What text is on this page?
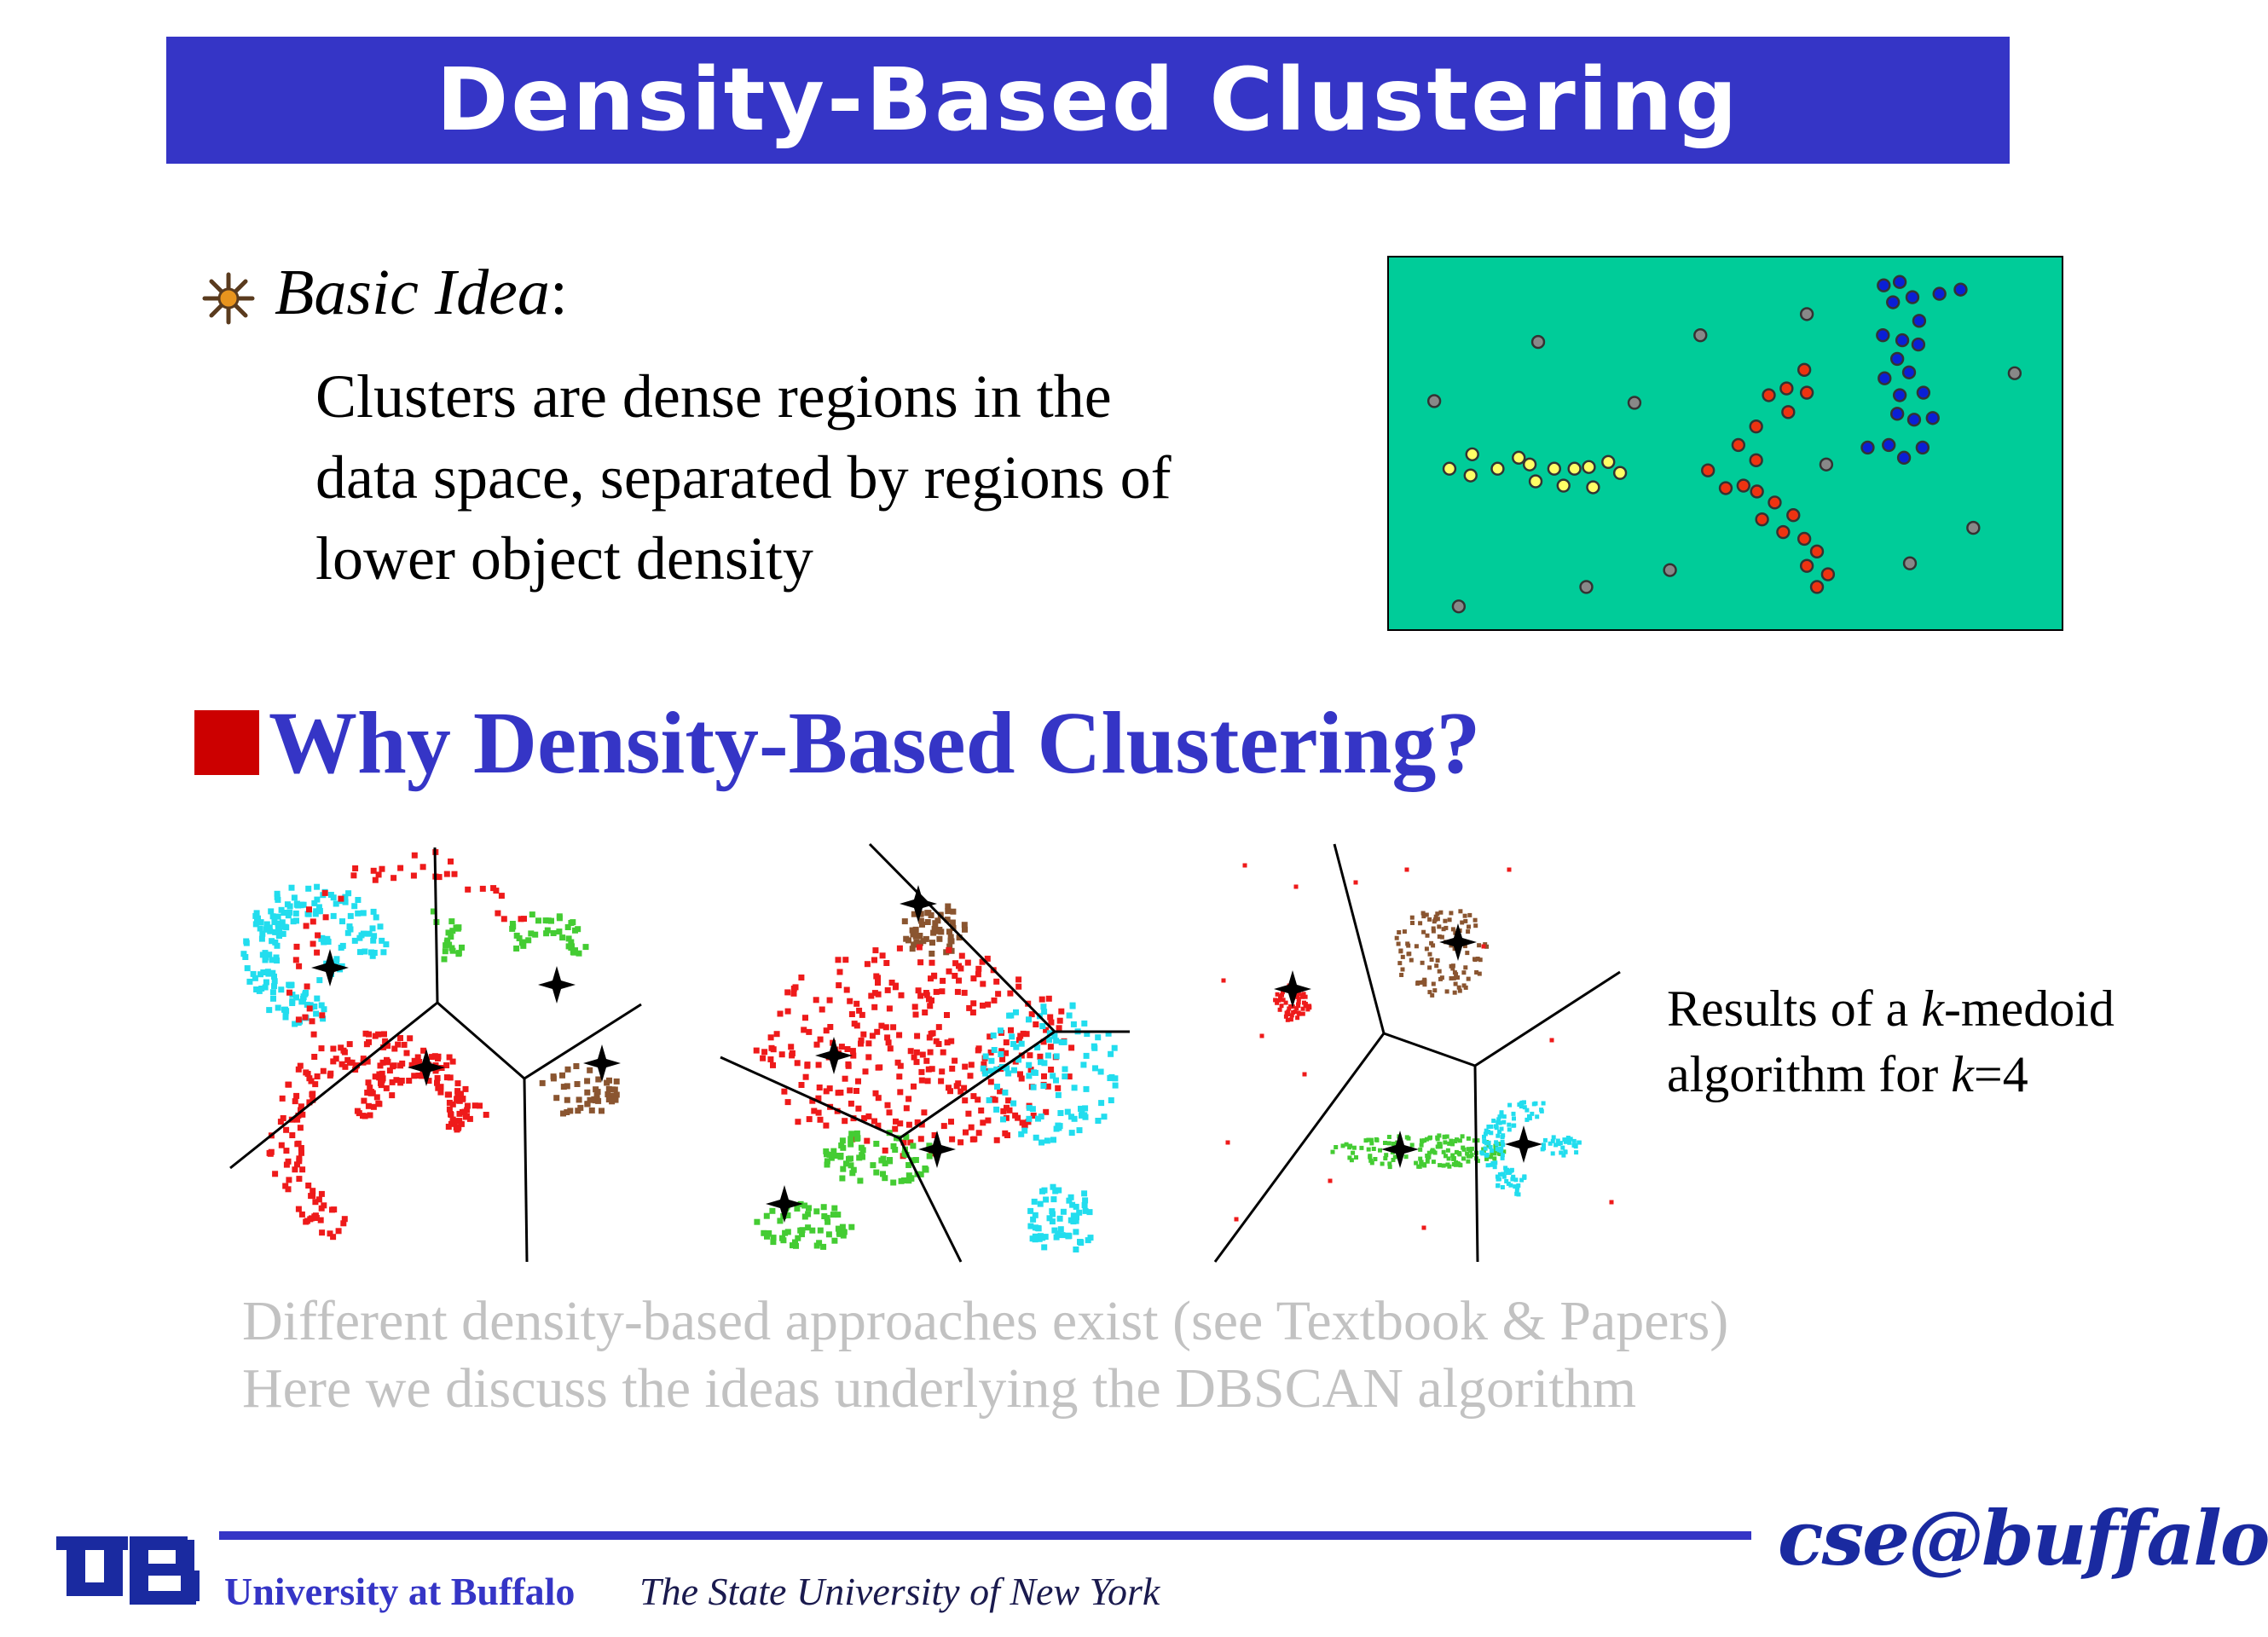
Density-Based Clustering
Basic Idea:
Clusters are dense regions in the
data space, separated by regions of
lower object density
Why Density-Based Clustering?
Results of a k-medoid
algorithm for k=4
Different density-based approaches exist (see Textbook & Papers)
Here we discuss the ideas underlying the DBSCAN algorithm
University at Buffalo The State University of New York
cse@buffalo
